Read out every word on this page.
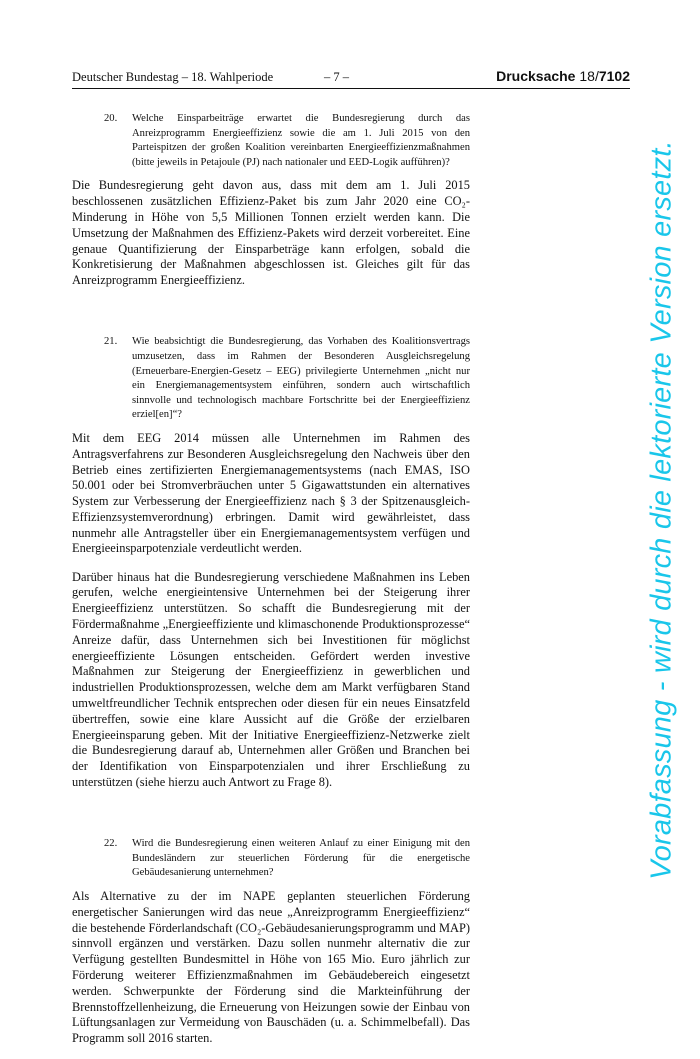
Deutscher Bundestag – 18. Wahlperiode	– 7 –	Drucksache 18/7102
20. Welche Einsparbeiträge erwartet die Bundesregierung durch das Anreizprogramm Energieeffizienz sowie die am 1. Juli 2015 von den Parteispitzen der großen Koalition vereinbarten Energieeffizienzmaßnahmen (bitte jeweils in Petajoule (PJ) nach nationaler und EED-Logik aufführen)?

Die Bundesregierung geht davon aus, dass mit dem am 1. Juli 2015 beschlossenen zusätzlichen Effizienz-Paket bis zum Jahr 2020 eine CO₂-Minderung in Höhe von 5,5 Millionen Tonnen erzielt werden kann. Die Umsetzung der Maßnahmen des Effizienz-Pakets wird derzeit vorbereitet. Eine genaue Quantifizierung der Einsparbeträge kann erfolgen, sobald die Konkretisierung der Maßnahmen abgeschlossen ist. Gleiches gilt für das Anreizprogramm Energieeffizienz.

21. Wie beabsichtigt die Bundesregierung, das Vorhaben des Koalitionsvertrags umzusetzen, dass im Rahmen der Besonderen Ausgleichsregelung (Erneuerbare-Energien-Gesetz – EEG) privilegierte Unternehmen „nicht nur ein Energiemanagementsystem einführen, sondern auch wirtschaftlich sinnvolle und technologisch machbare Fortschritte bei der Energieeffizienz erziel[en]“?

Mit dem EEG 2014 müssen alle Unternehmen im Rahmen des Antragsverfahrens zur Besonderen Ausgleichsregelung den Nachweis über den Betrieb eines zertifizierten Energiemanagementsystems (nach EMAS, ISO 50.001 oder bei Stromverbräuchen unter 5 Gigawattstunden ein alternatives System zur Verbesserung der Energieeffizienz nach § 3 der Spitzenausgleich-Effizienzsystemverordnung) erbringen. Damit wird gewährleistet, dass nunmehr alle Antragsteller über ein Energiemanagementsystem verfügen und Energieeinsparpotenziale verdeutlicht werden.

Darüber hinaus hat die Bundesregierung verschiedene Maßnahmen ins Leben gerufen, welche energieintensive Unternehmen bei der Steigerung ihrer Energieeffizienz unterstützen. So schafft die Bundesregierung mit der Fördermaßnahme „Energieeffiziente und klimaschonende Produktionsprozesse“ Anreize dafür, dass Unternehmen sich bei Investitionen für möglichst energieeffiziente Lösungen entscheiden. Gefördert werden investive Maßnahmen zur Steigerung der Energieeffizienz in gewerblichen und industriellen Produktionsprozessen, welche dem am Markt verfügbaren Stand umweltfreundlicher Technik entsprechen oder diesen für ein neues Einsatzfeld übertreffen, sowie eine klare Aussicht auf die Größe der erzielbaren Energieeinsparung geben. Mit der Initiative Energieeffizienz-Netzwerke zielt die Bundesregierung darauf ab, Unternehmen aller Größen und Branchen bei der Identifikation von Einsparpotenzialen und ihrer Erschließung zu unterstützen (siehe hierzu auch Antwort zu Frage 8).

22. Wird die Bundesregierung einen weiteren Anlauf zu einer Einigung mit den Bundesländern zur steuerlichen Förderung für die energetische Gebäudesanierung unternehmen?

Als Alternative zu der im NAPE geplanten steuerlichen Förderung energetischer Sanierungen wird das neue „Anreizprogramm Energieeffizienz“ die bestehende Förderlandschaft (CO₂-Gebäudesanierungsprogramm und MAP) sinnvoll ergänzen und verstärken. Dazu sollen nunmehr alternativ die zur Verfügung gestellten Bundesmittel in Höhe von 165 Mio. Euro jährlich zur Förderung weiterer Effizienzmaßnahmen im Gebäudebereich eingesetzt werden. Schwerpunkte der Förderung sind die Markteinführung der Brennstoffzellenheizung, die Erneuerung von Heizungen sowie der Einbau von Lüftungsanlagen zur Vermeidung von Bauschäden (u. a. Schimmelbefall). Das Programm soll 2016 starten.

Vorabfassung - wird durch die lektorierte Version ersetzt.
